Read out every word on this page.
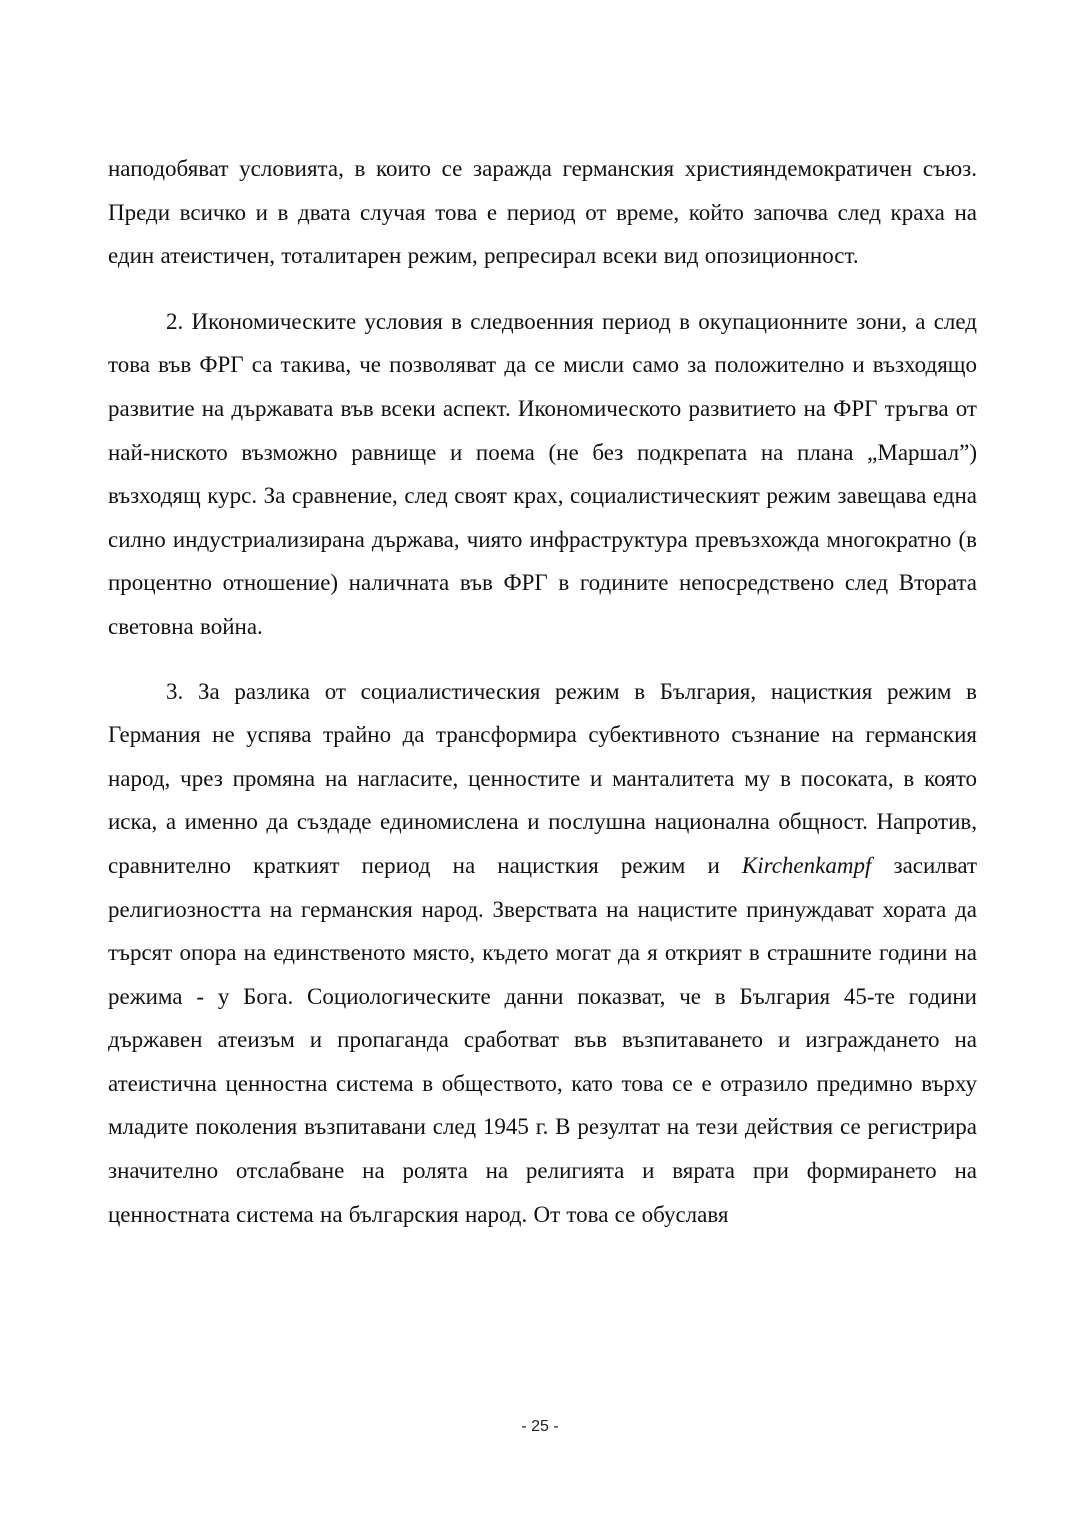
наподобяват условията, в които се заражда германския християндемократичен съюз. Преди всичко и в двата случая това е период от време, който започва след краха на един атеистичен, тоталитарен режим, репресирал всеки вид опозиционност.

2. Икономическите условия в следвоенния период в окупационните зони, а след това във ФРГ са такива, че позволяват да се мисли само за положително и възходящо развитие на държавата във всеки аспект. Икономическото развитието на ФРГ тръгва от най-ниското възможно равнище и поема (не без подкрепата на плана „Маршал”) възходящ курс. За сравнение, след своят крах, социалистическият режим завещава една силно индустриализирана държава, чиято инфраструктура превъзхожда многократно (в процентно отношение) наличната във ФРГ в годините непосредствено след Втората световна война.

3. За разлика от социалистическия режим в България, нацисткия режим в Германия не успява трайно да трансформира субективното съзнание на германския народ, чрез промяна на нагласите, ценностите и манталитета му в посоката, в която иска, а именно да създаде единомислена и послушна национална общност. Напротив, сравнително краткият период на нацисткия режим и Kirchenkampf засилват религиозността на германския народ. Зверствата на нацистите принуждават хората да търсят опора на единственото място, където могат да я открият в страшните години на режима - у Бога. Социологическите данни показват, че в България 45-те години държавен атеизъм и пропаганда сработват във възпитаването и изграждането на атеистична ценностна система в обществото, като това се е отразило предимно върху младите поколения възпитавани след 1945 г. В резултат на тези действия се регистрира значително отслабване на ролята на религията и вярата при формирането на ценностната система на българския народ. От това се обуславя

- 25 -
